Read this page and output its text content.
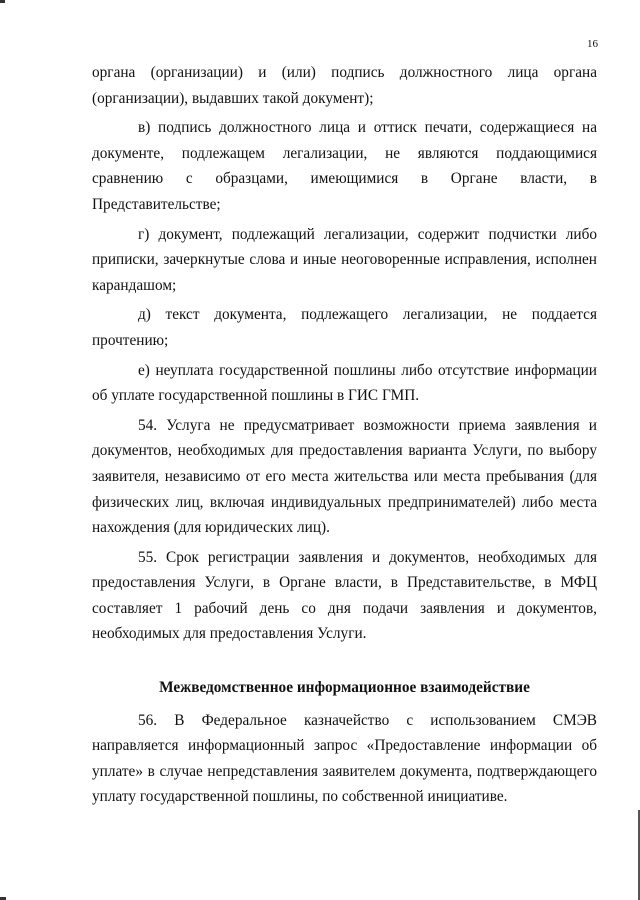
16

органа (организации) и (или) подпись должностного лица органа (организации), выдавших такой документ);

в) подпись должностного лица и оттиск печати, содержащиеся на документе, подлежащем легализации, не являются поддающимися сравнению с образцами, имеющимися в Органе власти, в Представительстве;

г) документ, подлежащий легализации, содержит подчистки либо приписки, зачеркнутые слова и иные неоговоренные исправления, исполнен карандашом;

д) текст документа, подлежащего легализации, не поддается прочтению;

е) неуплата государственной пошлины либо отсутствие информации об уплате государственной пошлины в ГИС ГМП.

54. Услуга не предусматривает возможности приема заявления и документов, необходимых для предоставления варианта Услуги, по выбору заявителя, независимо от его места жительства или места пребывания (для физических лиц, включая индивидуальных предпринимателей) либо места нахождения (для юридических лиц).

55. Срок регистрации заявления и документов, необходимых для предоставления Услуги, в Органе власти, в Представительстве, в МФЦ составляет 1 рабочий день со дня подачи заявления и документов, необходимых для предоставления Услуги.

Межведомственное информационное взаимодействие

56. В Федеральное казначейство с использованием СМЭВ направляется информационный запрос «Предоставление информации об уплате» в случае непредставления заявителем документа, подтверждающего уплату государственной пошлины, по собственной инициативе.
